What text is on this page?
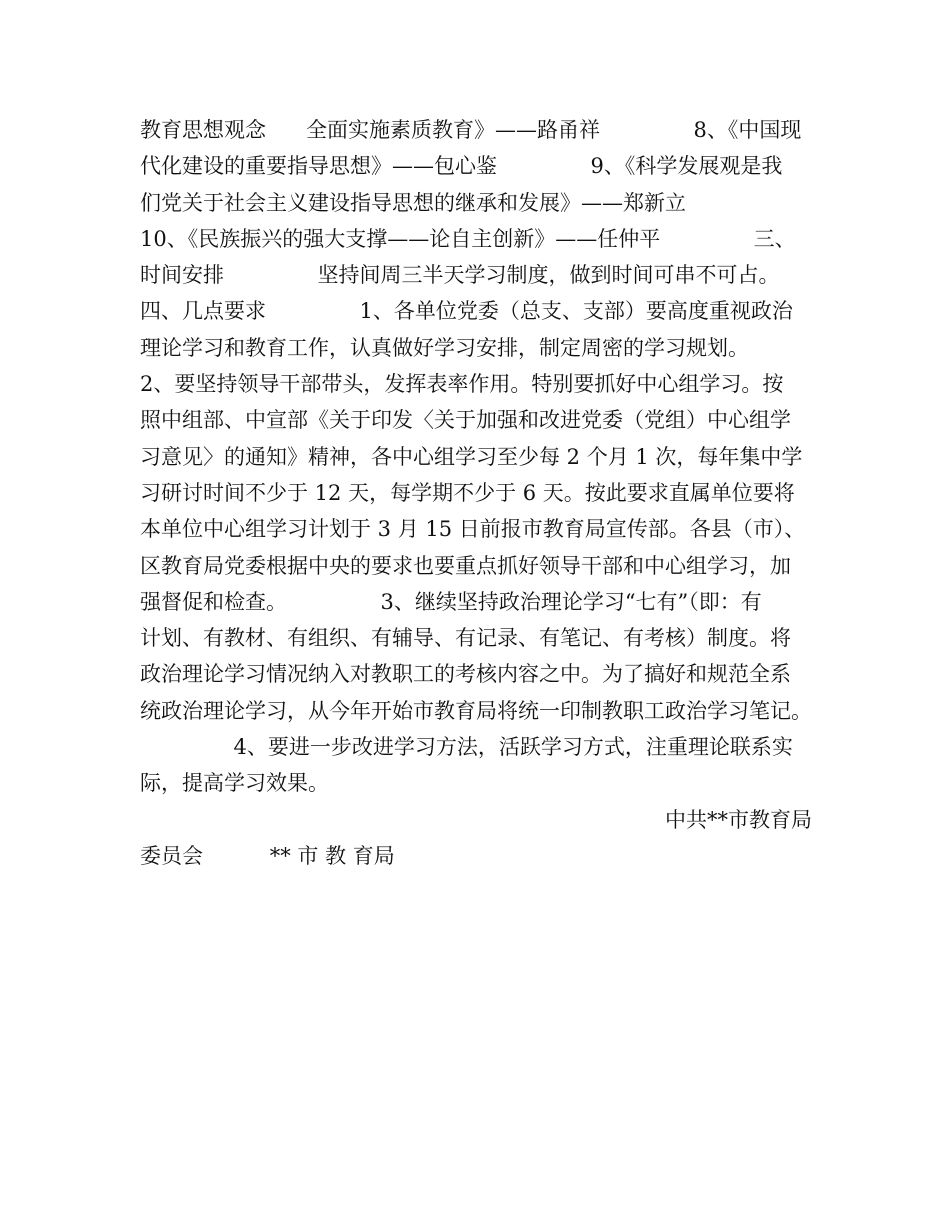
教育思想观念      全面实施素质教育》——路甬祥              8、《中国现
代化建设的重要指导思想》——包心鉴              9、《科学发展观是我
们党关于社会主义建设指导思想的继承和发展》——郑新立
10、《民族振兴的强大支撑——论自主创新》——任仲平              三、
时间安排              坚持间周三半天学习制度，做到时间可串不可占。
四、几点要求              1、各单位党委（总支、支部）要高度重视政治
理论学习和教育工作，认真做好学习安排，制定周密的学习规划。
2、要坚持领导干部带头，发挥表率作用。特别要抓好中心组学习。按
照中组部、中宣部《关于印发〈关于加强和改进党委（党组）中心组学
习意见〉的通知》精神，各中心组学习至少每 2 个月 1 次，每年集中学
习研讨时间不少于 12 天，每学期不少于 6 天。按此要求直属单位要将
本单位中心组学习计划于 3 月 15 日前报市教育局宣传部。各县（市）、
区教育局党委根据中央的要求也要重点抓好领导干部和中心组学习，加
强督促和检查。              3、继续坚持政治理论学习“七有”（即：有
计划、有教材、有组织、有辅导、有记录、有笔记、有考核）制度。将
政治理论学习情况纳入对教职工的考核内容之中。为了搞好和规范全系
统政治理论学习，从今年开始市教育局将统一印制教职工政治学习笔记。
4、要进一步改进学习方法，活跃学习方式，注重理论联系实
际，提高学习效果。
中共**市教育局
委员会          ** 市 教 育局
